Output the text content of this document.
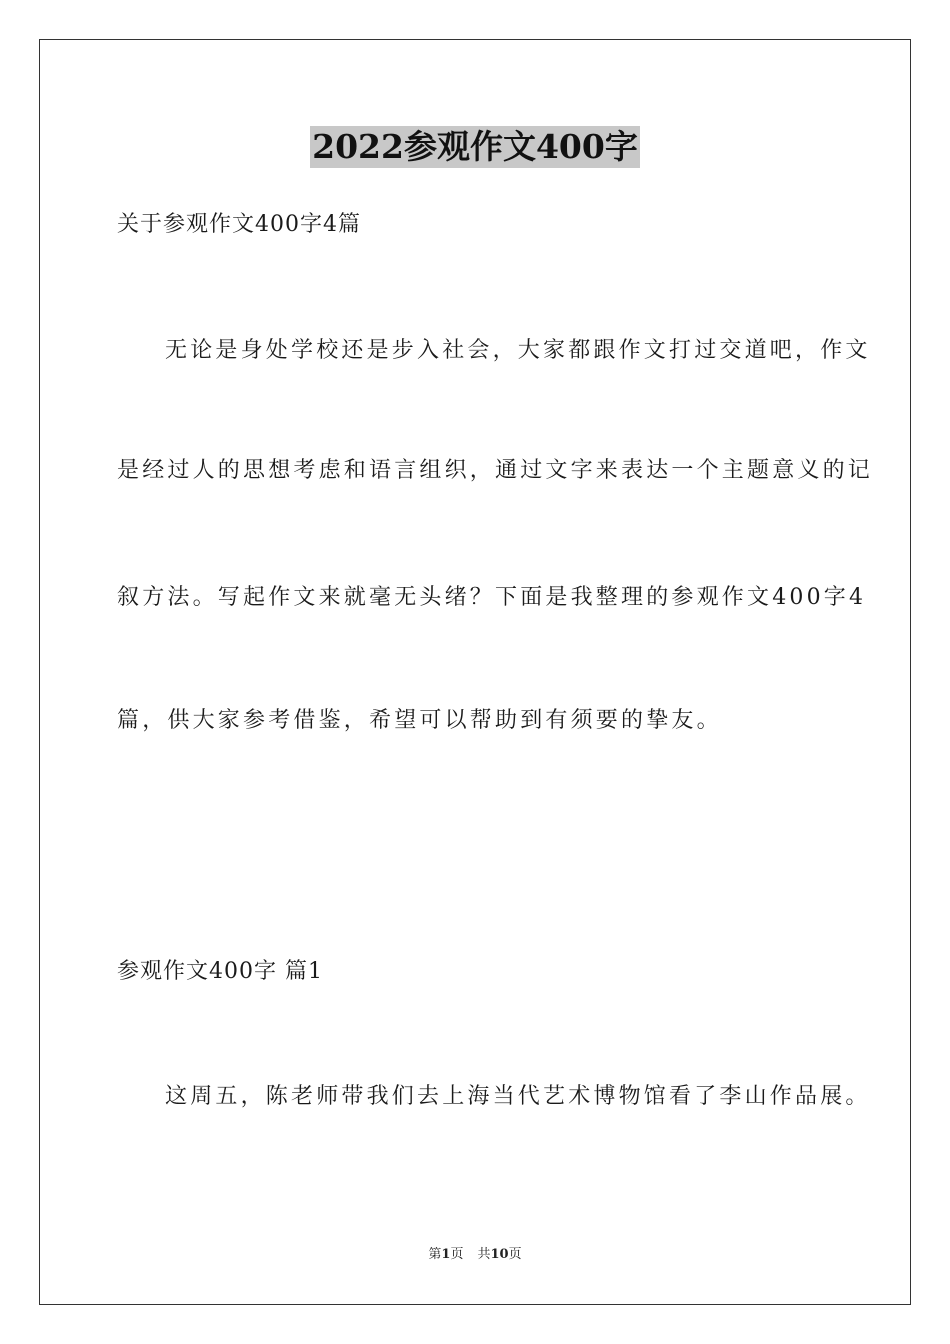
2022参观作文400字
关于参观作文400字4篇
无论是身处学校还是步入社会，大家都跟作文打过交道吧，作文
是经过人的思想考虑和语言组织，通过文字来表达一个主题意义的记
叙方法。写起作文来就毫无头绪？下面是我整理的参观作文400字4
篇，供大家参考借鉴，希望可以帮助到有须要的挚友。
参观作文400字 篇1
这周五，陈老师带我们去上海当代艺术博物馆看了李山作品展。
第1页 共10页
